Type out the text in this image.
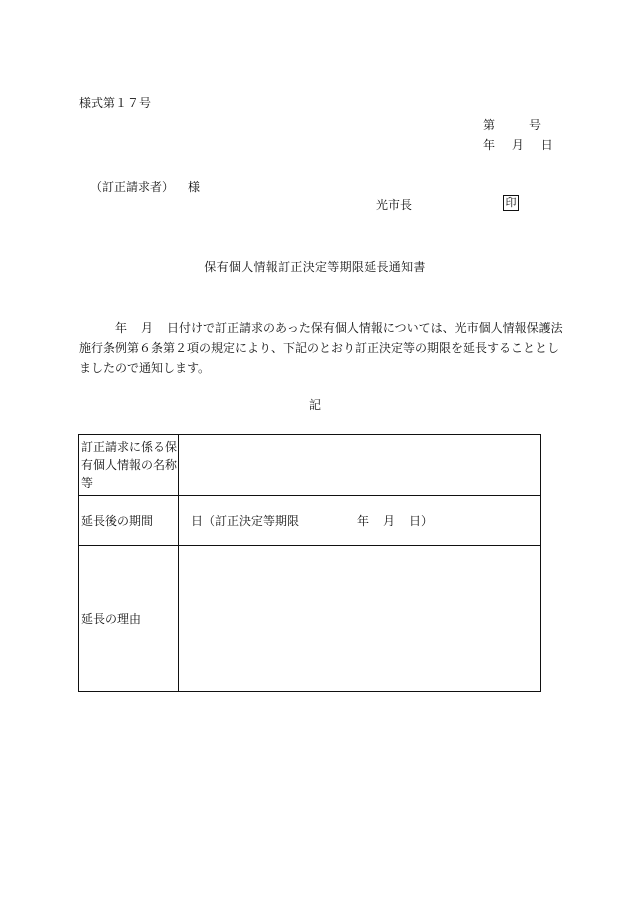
様式第１７号
第	号
年 月 日
（訂正請求者） 様
光市長	印
保有個人情報訂正決定等期限延長通知書
年 月 日付けで訂正請求のあった保有個人情報については、光市個人情報保護法
施行条例第６条第２項の規定により、下記のとおり訂正決定等の期限を延長することとし
ましたので通知します。
記
訂正請求に係る保有個人情報の名称等	
延長後の期間	日（訂正決定等期限 年 月 日）
延長の理由	
